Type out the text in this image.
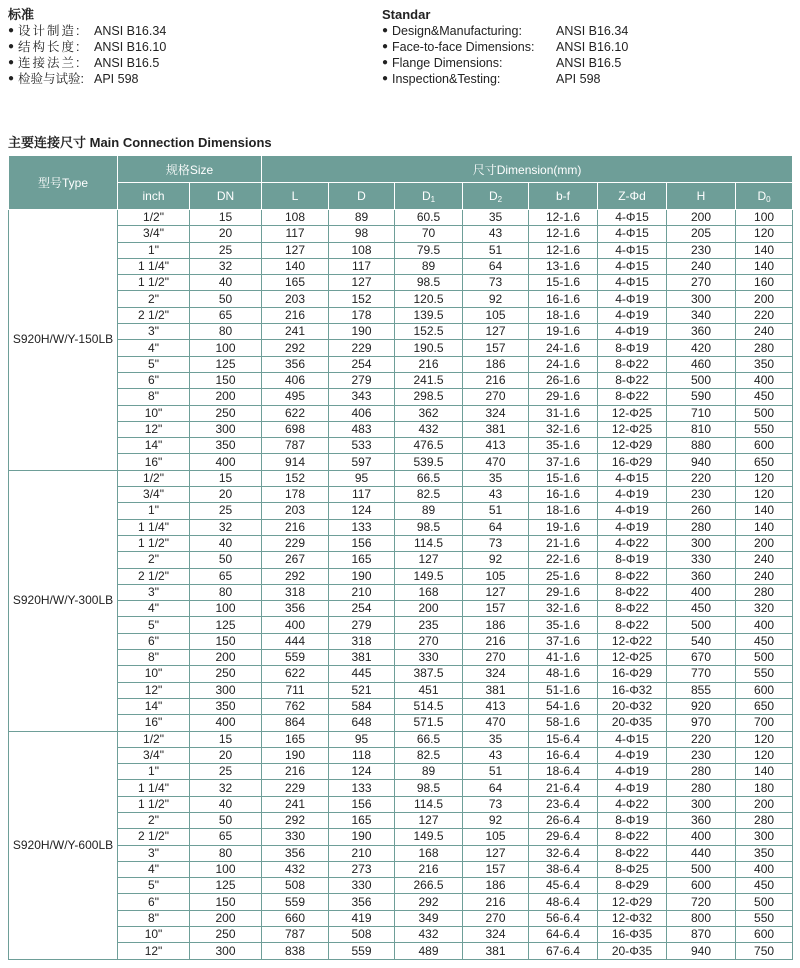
标准
● 设计制造:	ANSI B16.34
● 结构长度:	ANSI B16.10
● 连接法兰:	ANSI B16.5
● 检验与试验: API 598
Standar
● Design&Manufacturing:	ANSI B16.34
● Face-to-face Dimensions:	ANSI B16.10
● Flange Dimensions:	ANSI B16.5
● Inspection&Testing:	API 598
主要连接尺寸 Main Connection Dimensions
型号Type	规格Size		尺寸Dimension(mm)							
	inch	DN	L	D	$D_1$	$D_2$	b-f	Z-Φd	H	$D_0$
S920H/W/Y-150LB	1/2"	15	108	89	60.5	35	12-1.6	4-Φ15	200	100
	3/4"	20	117	98	70	43	12-1.6	4-Φ15	205	120
	1"	25	127	108	79.5	51	12-1.6	4-Φ15	230	140
	1 1/4"	32	140	117	89	64	13-1.6	4-Φ15	240	140
	1 1/2"	40	165	127	98.5	73	15-1.6	4-Φ15	270	160
	2"	50	203	152	120.5	92	16-1.6	4-Φ19	300	200
	2 1/2"	65	216	178	139.5	105	18-1.6	4-Φ19	340	220
	3"	80	241	190	152.5	127	19-1.6	4-Φ19	360	240
	4"	100	292	229	190.5	157	24-1.6	8-Φ19	420	280
	5"	125	356	254	216	186	24-1.6	8-Φ22	460	350
	6"	150	406	279	241.5	216	26-1.6	8-Φ22	500	400
	8"	200	495	343	298.5	270	29-1.6	8-Φ22	590	450
	10"	250	622	406	362	324	31-1.6	12-Φ25	710	500
	12"	300	698	483	432	381	32-1.6	12-Φ25	810	550
	14"	350	787	533	476.5	413	35-1.6	12-Φ29	880	600
	16"	400	914	597	539.5	470	37-1.6	16-Φ29	940	650
S920H/W/Y-300LB	1/2"	15	152	95	66.5	35	15-1.6	4-Φ15	220	120
	3/4"	20	178	117	82.5	43	16-1.6	4-Φ19	230	120
	1"	25	203	124	89	51	18-1.6	4-Φ19	260	140
	1 1/4"	32	216	133	98.5	64	19-1.6	4-Φ19	280	140
	1 1/2"	40	229	156	114.5	73	21-1.6	4-Φ22	300	200
	2"	50	267	165	127	92	22-1.6	8-Φ19	330	240
	2 1/2"	65	292	190	149.5	105	25-1.6	8-Φ22	360	240
	3"	80	318	210	168	127	29-1.6	8-Φ22	400	280
	4"	100	356	254	200	157	32-1.6	8-Φ22	450	320
	5"	125	400	279	235	186	35-1.6	8-Φ22	500	400
	6"	150	444	318	270	216	37-1.6	12-Φ22	540	450
	8"	200	559	381	330	270	41-1.6	12-Φ25	670	500
	10"	250	622	445	387.5	324	48-1.6	16-Φ29	770	550
	12"	300	711	521	451	381	51-1.6	16-Φ32	855	600
	14"	350	762	584	514.5	413	54-1.6	20-Φ32	920	650
	16"	400	864	648	571.5	470	58-1.6	20-Φ35	970	700
S920H/W/Y-600LB	1/2"	15	165	95	66.5	35	15-6.4	4-Φ15	220	120
	3/4"	20	190	118	82.5	43	16-6.4	4-Φ19	230	120
	1"	25	216	124	89	51	18-6.4	4-Φ19	280	140
	1 1/4"	32	229	133	98.5	64	21-6.4	4-Φ19	280	180
	1 1/2"	40	241	156	114.5	73	23-6.4	4-Φ22	300	200
	2"	50	292	165	127	92	26-6.4	8-Φ19	360	280
	2 1/2"	65	330	190	149.5	105	29-6.4	8-Φ22	400	300
	3"	80	356	210	168	127	32-6.4	8-Φ22	440	350
	4"	100	432	273	216	157	38-6.4	8-Φ25	500	400
	5"	125	508	330	266.5	186	45-6.4	8-Φ29	600	450
	6"	150	559	356	292	216	48-6.4	12-Φ29	720	500
	8"	200	660	419	349	270	56-6.4	12-Φ32	800	550
	10"	250	787	508	432	324	64-6.4	16-Φ35	870	600
	12"	300	838	559	489	381	67-6.4	20-Φ35	940	750
